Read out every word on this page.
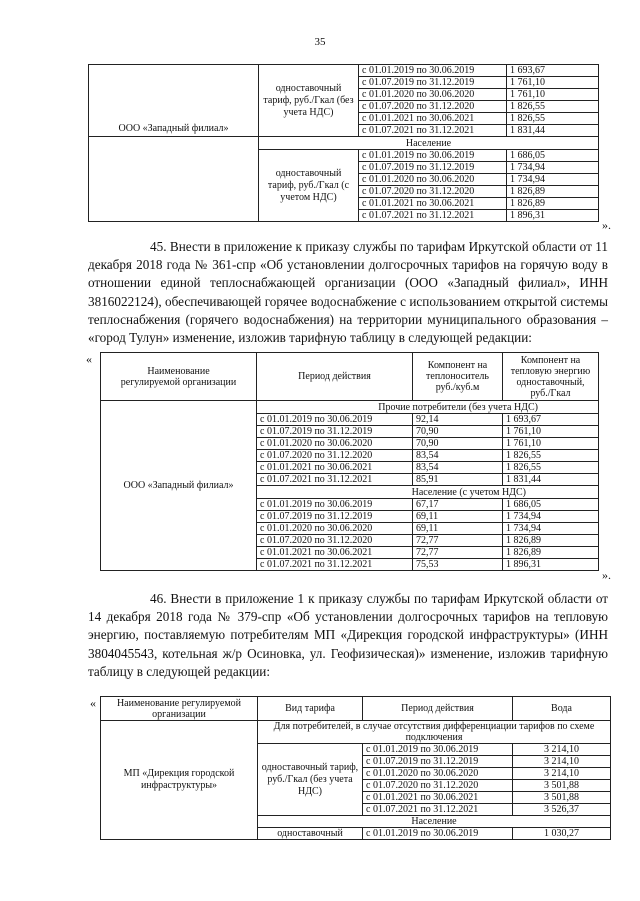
35
	одноставочный тариф, руб./Гкал (без учета НДС)	с 01.01.2019 по 30.06.2019	1 693,67
		с 01.07.2019 по 31.12.2019	1 761,10
		с 01.01.2020 по 30.06.2020	1 761,10
		с 01.07.2020 по 31.12.2020	1 826,55
		с 01.01.2021 по 30.06.2021	1 826,55
		с 01.07.2021 по 31.12.2021	1 831,44
ООО «Западный филиал»	Население		
	одноставочный тариф, руб./Гкал (с учетом НДС)	с 01.01.2019 по 30.06.2019	1 686,05
		с 01.07.2019 по 31.12.2019	1 734,94
		с 01.01.2020 по 30.06.2020	1 734,94
		с 01.07.2020 по 31.12.2020	1 826,89
		с 01.01.2021 по 30.06.2021	1 826,89
		с 01.07.2021 по 31.12.2021	1 896,31
».
45. Внести в приложение к приказу службы по тарифам Иркутской области от 11 декабря 2018 года № 361-спр «Об установлении долгосрочных тарифов на горячую воду в отношении единой теплоснабжающей организации (ООО «Западный филиал», ИНН 3816022124), обеспечивающей горячее водоснабжение с использованием открытой системы теплоснабжения (горячего водоснабжения) на территории муниципального образования – «город Тулун» изменение, изложив тарифную таблицу в следующей редакции:
«
Наименование регулируемой организации	Период действия	Компонент на теплоноситель руб./куб.м	Компонент на тепловую энергию одноставочный, руб./Гкал
ООО «Западный филиал»	Прочие потребители (без учета НДС)		
	с 01.01.2019 по 30.06.2019	92,14	1 693,67
	с 01.07.2019 по 31.12.2019	70,90	1 761,10
	с 01.01.2020 по 30.06.2020	70,90	1 761,10
	с 01.07.2020 по 31.12.2020	83,54	1 826,55
	с 01.01.2021 по 30.06.2021	83,54	1 826,55
	с 01.07.2021 по 31.12.2021	85,91	1 831,44
	Население (с учетом НДС)		
	с 01.01.2019 по 30.06.2019	67,17	1 686,05
	с 01.07.2019 по 31.12.2019	69,11	1 734,94
	с 01.01.2020 по 30.06.2020	69,11	1 734,94
	с 01.07.2020 по 31.12.2020	72,77	1 826,89
	с 01.01.2021 по 30.06.2021	72,77	1 826,89
	с 01.07.2021 по 31.12.2021	75,53	1 896,31
».
46. Внести в приложение 1 к приказу службы по тарифам Иркутской области от 14 декабря 2018 года № 379-спр «Об установлении долгосрочных тарифов на тепловую энергию, поставляемую потребителям МП «Дирекция городской инфраструктуры» (ИНН 3804045543, котельная ж/р Осиновка, ул. Геофизическая)» изменение, изложив тарифную таблицу в следующей редакции:
« Наименование регулируемой организации	Вид тарифа	Период действия	Вода
МП «Дирекция городской инфраструктуры»	Для потребителей, в случае отсутствия дифференциации тарифов по схеме подключения		
	одноставочный тариф, руб./Гкал (без учета НДС)	с 01.01.2019 по 30.06.2019	3 214,10
		с 01.07.2019 по 31.12.2019	3 214,10
		с 01.01.2020 по 30.06.2020	3 214,10
		с 01.07.2020 по 31.12.2020	3 501,88
		с 01.01.2021 по 30.06.2021	3 501,88
		с 01.07.2021 по 31.12.2021	3 526,37
	Население		
	одноставочный	с 01.01.2019 по 30.06.2019	1 030,27
